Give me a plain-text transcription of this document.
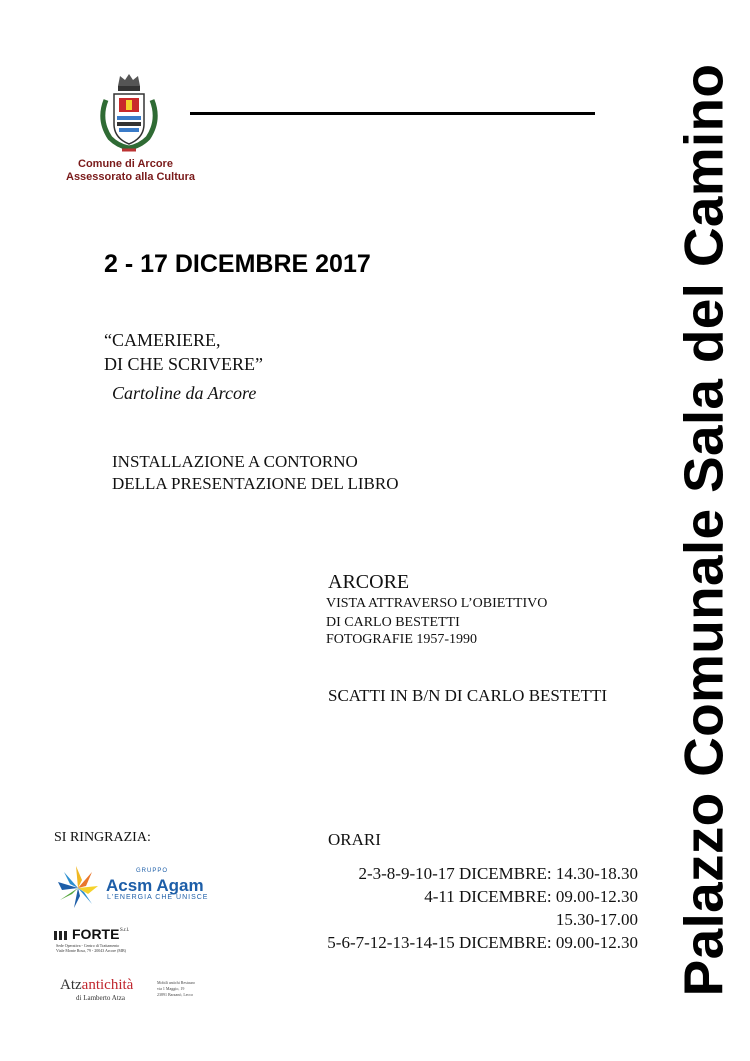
Comune di Arcore
Assessorato alla Cultura	Palazzo Comunale Sala del Camino
2 - 17 DICEMBRE 2017
“CAMERIERE,
DI CHE SCRIVERE”
Cartoline da Arcore
INSTALLAZIONE A CONTORNO
DELLA PRESENTAZIONE DEL LIBRO
ARCORE
VISTA ATTRAVERSO L’OBIETTIVO
DI CARLO BESTETTI
FOTOGRAFIE 1957-1990
SCATTI IN B/N DI CARLO BESTETTI
SI RINGRAZIA:	ORARI
2-3-8-9-10-17 DICEMBRE: 14.30-18.30
4-11 DICEMBRE: 09.00-12.30
15.30-17.00
5-6-7-12-13-14-15 DICEMBRE: 09.00-12.30
GRUPPO
Acsm Agam
L'ENERGIA CHE UNISCE
FORTE S.r.l.
Sede Operativa - Centro di Trattamento
Viale Monte Rosa, 79 - 20043 Arcore (MB)
Atzantichità
di Lamberto Atza
Mobili antichi Restauro
via 1 Maggio, 19
23891 Barzanò, Lecco
